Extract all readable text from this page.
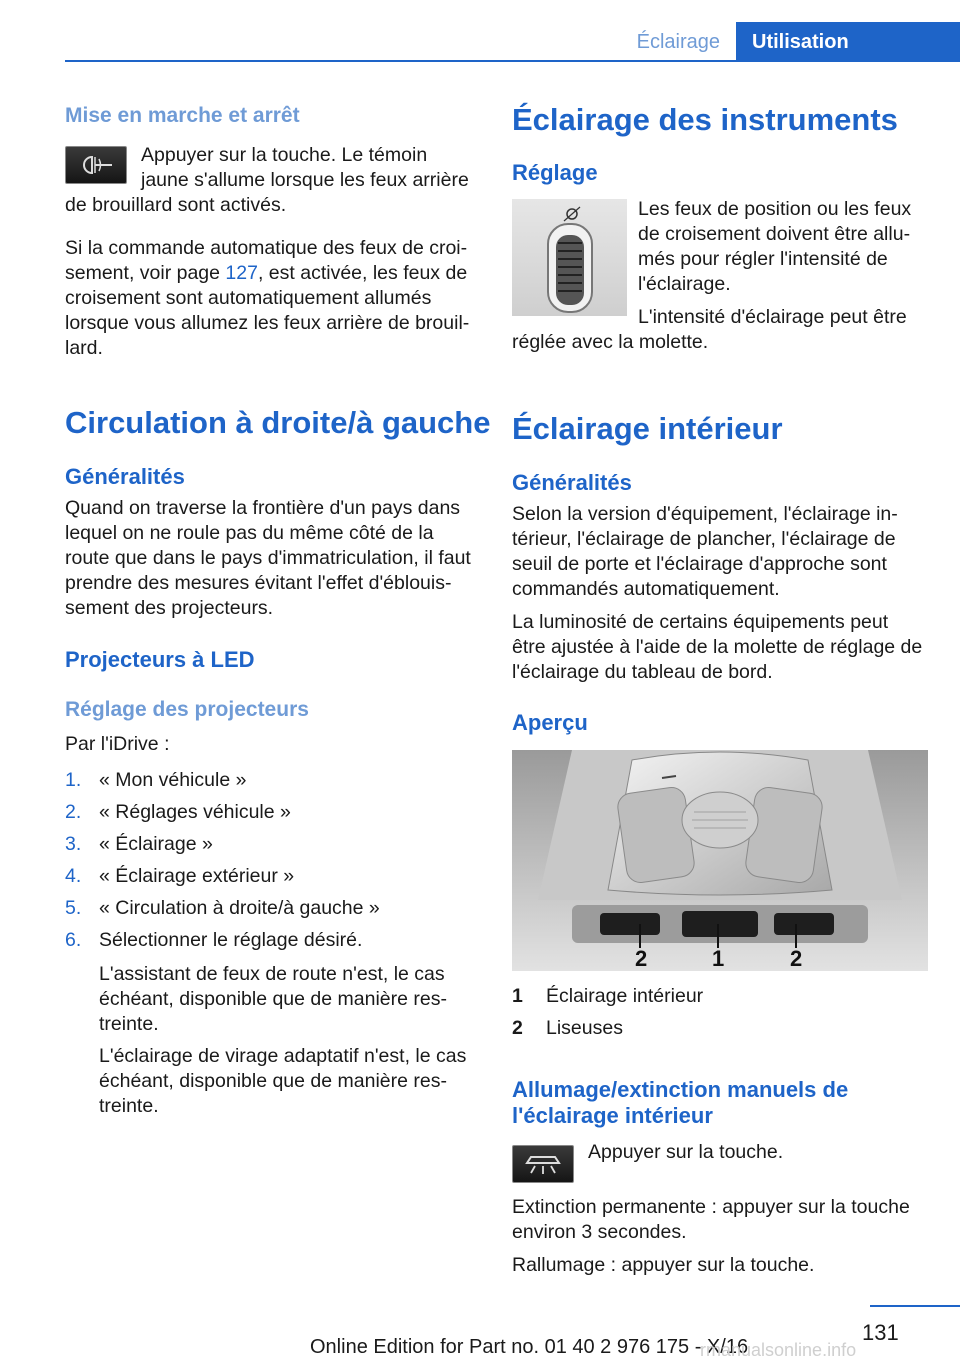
Éclairage	Utilisation
Mise en marche et arrêt
Appuyer sur la touche. Le témoin
jaune s'allume lorsque les feux arrière
de brouillard sont activés.
Si la commande automatique des feux de croi‐
sement, voir page 127, est activée, les feux de
croisement sont automatiquement allumés
lorsque vous allumez les feux arrière de brouil‐
lard.
Circulation à droite/à gauche
Généralités
Quand on traverse la frontière d'un pays dans
lequel on ne roule pas du même côté de la
route que dans le pays d'immatriculation, il faut
prendre des mesures évitant l'effet d'éblouis‐
sement des projecteurs.
Projecteurs à LED
Réglage des projecteurs
Par l'iDrive :
1. « Mon véhicule »
2. « Réglages véhicule »
3. « Éclairage »
4. « Éclairage extérieur »
5. « Circulation à droite/à gauche »
6. Sélectionner le réglage désiré.
L'assistant de feux de route n'est, le cas
échéant, disponible que de manière res‐
treinte.
L'éclairage de virage adaptatif n'est, le cas
échéant, disponible que de manière res‐
treinte.
Éclairage des instruments
Réglage
Les feux de position ou les feux
de croisement doivent être allu‐
més pour régler l'intensité de
l'éclairage.
L'intensité d'éclairage peut être
réglée avec la molette.
Éclairage intérieur
Généralités
Selon la version d'équipement, l'éclairage in‐
térieur, l'éclairage de plancher, l'éclairage de
seuil de porte et l'éclairage d'approche sont
commandés automatiquement.
La luminosité de certains équipements peut
être ajustée à l'aide de la molette de réglage de
l'éclairage du tableau de bord.
Aperçu
2	1	2
1 Éclairage intérieur
2 Liseuses
Allumage/extinction manuels de
l'éclairage intérieur
Appuyer sur la touche.
Extinction permanente : appuyer sur la touche
environ 3 secondes.
Rallumage : appuyer sur la touche.
131
Online Edition for Part no. 01 40 2 976 175 - X/16
rmanualsonline.info
